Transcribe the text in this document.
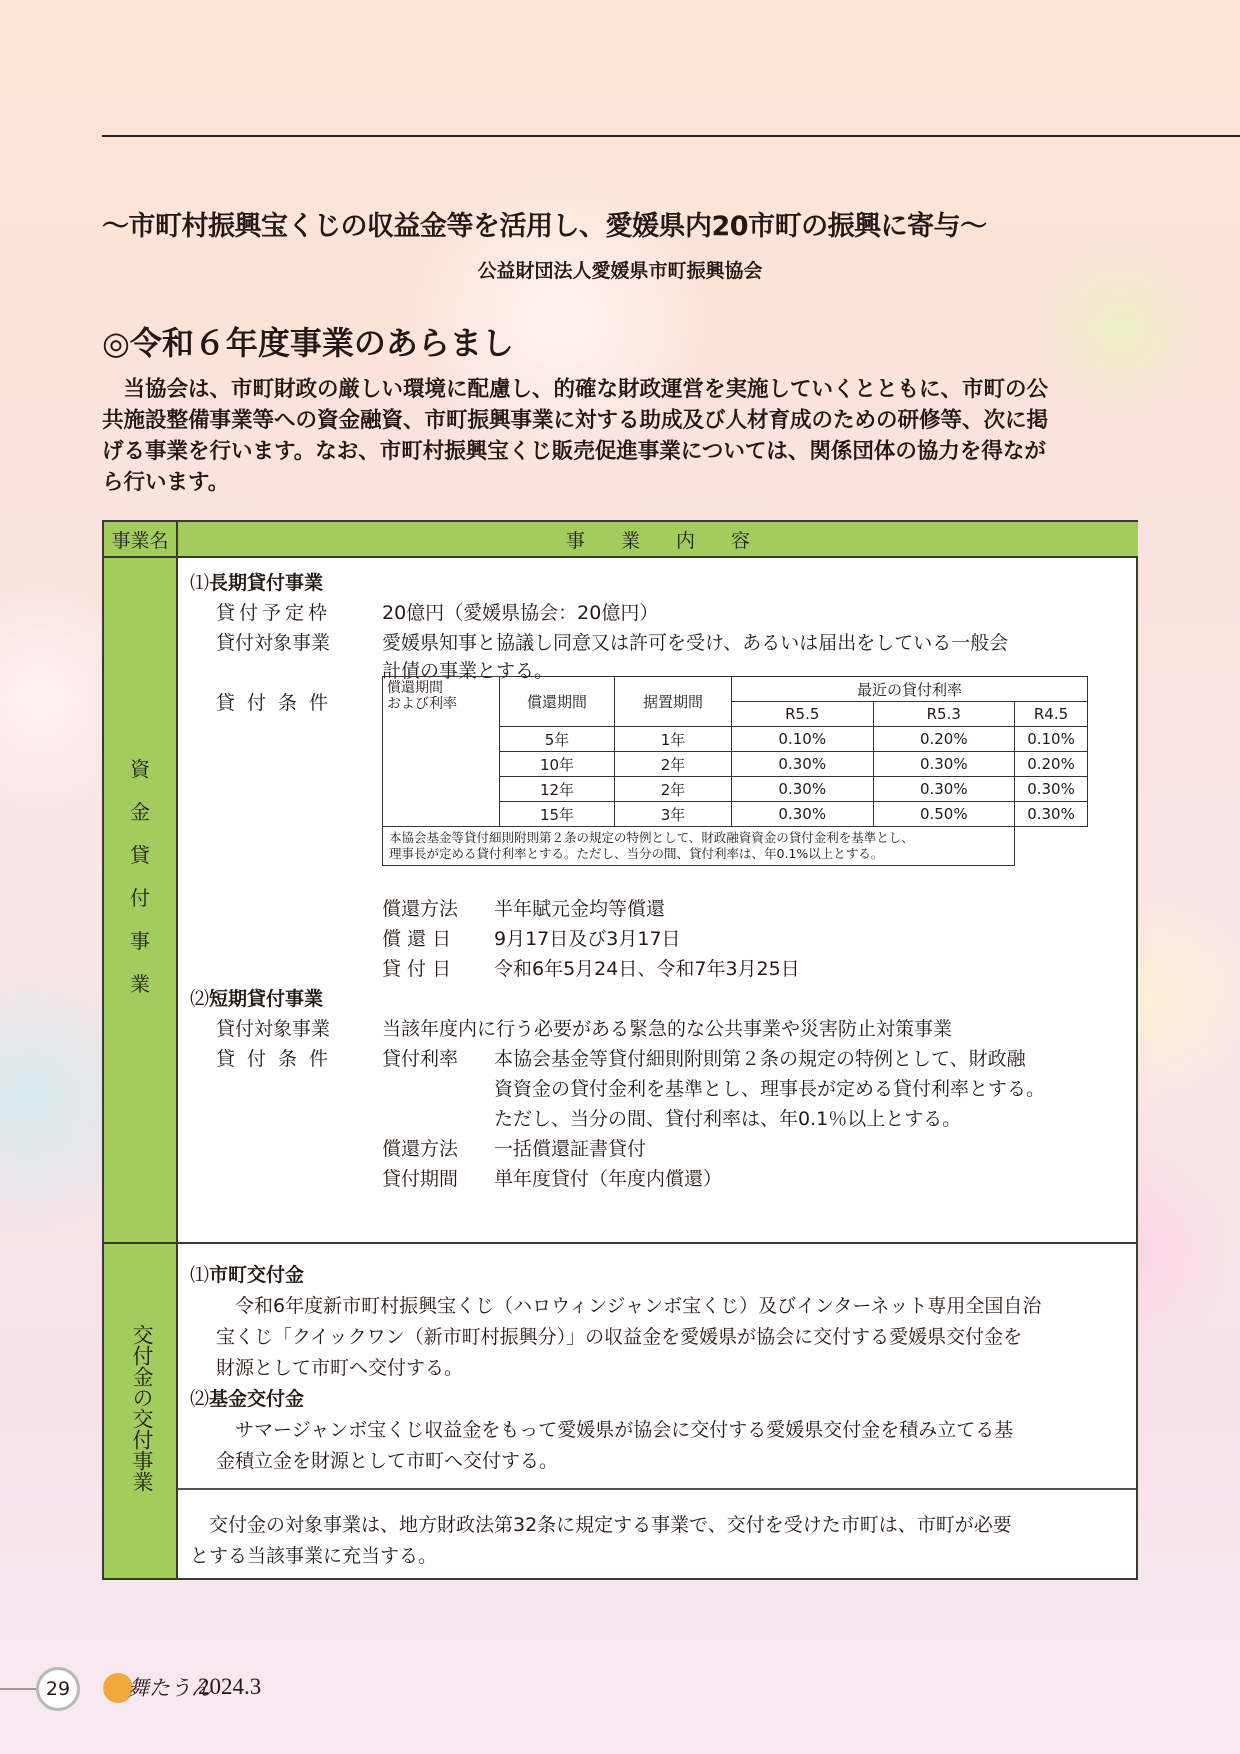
～市町村振興宝くじの収益金等を活用し、愛媛県内20市町の振興に寄与～
公益財団法人愛媛県市町振興協会
◎令和６年度事業のあらまし

　当協会は、市町財政の厳しい環境に配慮し、的確な財政運営を実施していくとともに、市町の公

共施設整備事業等への資金融資、市町振興事業に対する助成及び人材育成のための研修等、次に掲

げる事業を行います。なお、市町村振興宝くじ販売促進事業については、関係団体の協力を得なが

ら行います。

事業名	事業内容
資
金
貸
付
事
業
⑴長期貸付事業
貸付予定枠	20億円（愛媛県協会：20億円）
貸付対象事業	愛媛県知事と協議し同意又は許可を受け、あるいは届出をしている一般会
計債の事業とする。
貸付条件
償還期間
および利率	償還期間	据置期間	最近の貸付利率		
			R5.5	R5.3	R4.5
	5年	1年	0.10%	0.20%	0.10%
	10年	2年	0.30%	0.30%	0.20%
	12年	2年	0.30%	0.30%	0.30%
	15年	3年	0.30%	0.50%	0.30%

本協会基金等貸付細則附則第２条の規定の特例として、財政融資資金の貸付金利を基準とし、
理事長が定める貸付利率とする。ただし、当分の間、貸付利率は、年0.1%以上とする。					
償還方法 半年賦元金均等償還
償 還 日 9月17日及び3月17日
貸 付 日 令和6年5月24日、令和7年3月25日
⑵短期貸付事業
貸付対象事業	当該年度内に行う必要がある緊急的な公共事業や災害防止対策事業
貸付条件 貸付利率 本協会基金等貸付細則附則第２条の規定の特例として、財政融
資資金の貸付金利を基準とし、理事長が定める貸付利率とする。
ただし、当分の間、貸付利率は、年0.1％以上とする。
償還方法 一括償還証書貸付
貸付期間 単年度貸付（年度内償還）
交付金の交付事業
⑴市町交付金
　令和6年度新市町村振興宝くじ（ハロウィンジャンボ宝くじ）及びインターネット専用全国自治
宝くじ「クイックワン（新市町村振興分）」の収益金を愛媛県が協会に交付する愛媛県交付金を
財源として市町へ交付する。
⑵基金交付金
　サマージャンボ宝くじ収益金をもって愛媛県が協会に交付する愛媛県交付金を積み立てる基
金積立金を財源として市町へ交付する。
　交付金の対象事業は、地方財政法第32条に規定する事業で、交付を受けた市町は、市町が必要
とする当該事業に充当する。
29	舞たうん
2024.3
